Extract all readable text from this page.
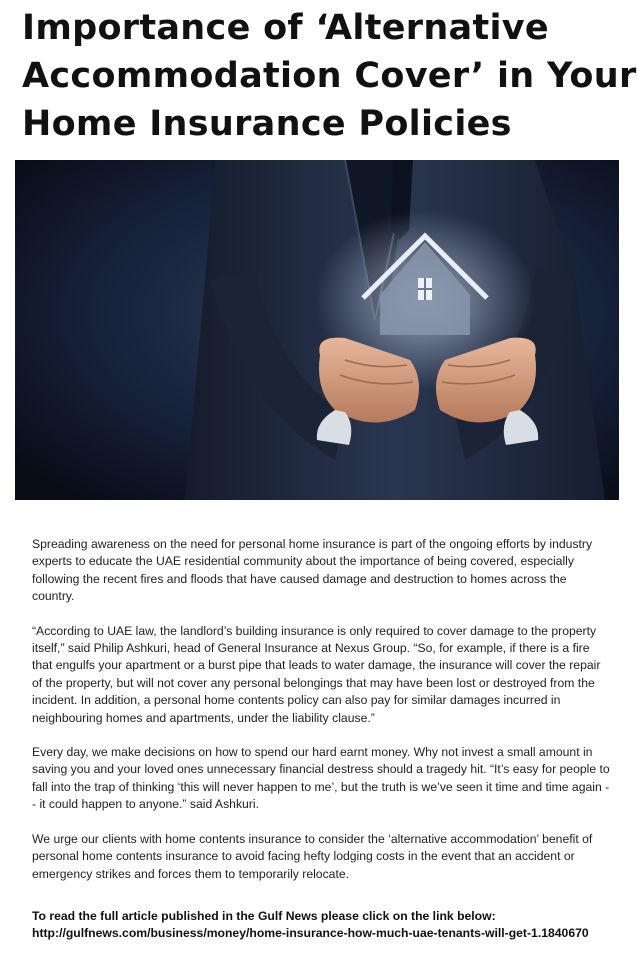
Importance of ‘Alternative
Accommodation Cover’ in Your
Home Insurance Policies

Spreading awareness on the need for personal home insurance is part of the ongoing efforts by industry experts to educate the UAE residential community about the importance of being covered, especially following the recent fires and floods that have caused damage and destruction to homes across the country.

“According to UAE law, the landlord’s building insurance is only required to cover damage to the property itself,” said Philip Ashkuri, head of General Insurance at Nexus Group. “So, for example, if there is a fire that engulfs your apartment or a burst pipe that leads to water damage, the insurance will cover the repair of the property, but will not cover any personal belongings that may have been lost or destroyed from the incident. In addition, a personal home contents policy can also pay for similar damages incurred in neighbouring homes and apartments, under the liability clause.”

Every day, we make decisions on how to spend our hard earnt money. Why not invest a small amount in saving you and your loved ones unnecessary financial destress should a tragedy hit. “It’s easy for people to fall into the trap of thinking ‘this will never happen to me’, but the truth is we’ve seen it time and time again -- it could happen to anyone.” said Ashkuri.

We urge our clients with home contents insurance to consider the ‘alternative accommodation’ benefit of personal home contents insurance to avoid facing hefty lodging costs in the event that an accident or emergency strikes and forces them to temporarily relocate.

To read the full article published in the Gulf News please click on the link below:
http://gulfnews.com/business/money/home-insurance-how-much-uae-tenants-will-get-1.1840670
